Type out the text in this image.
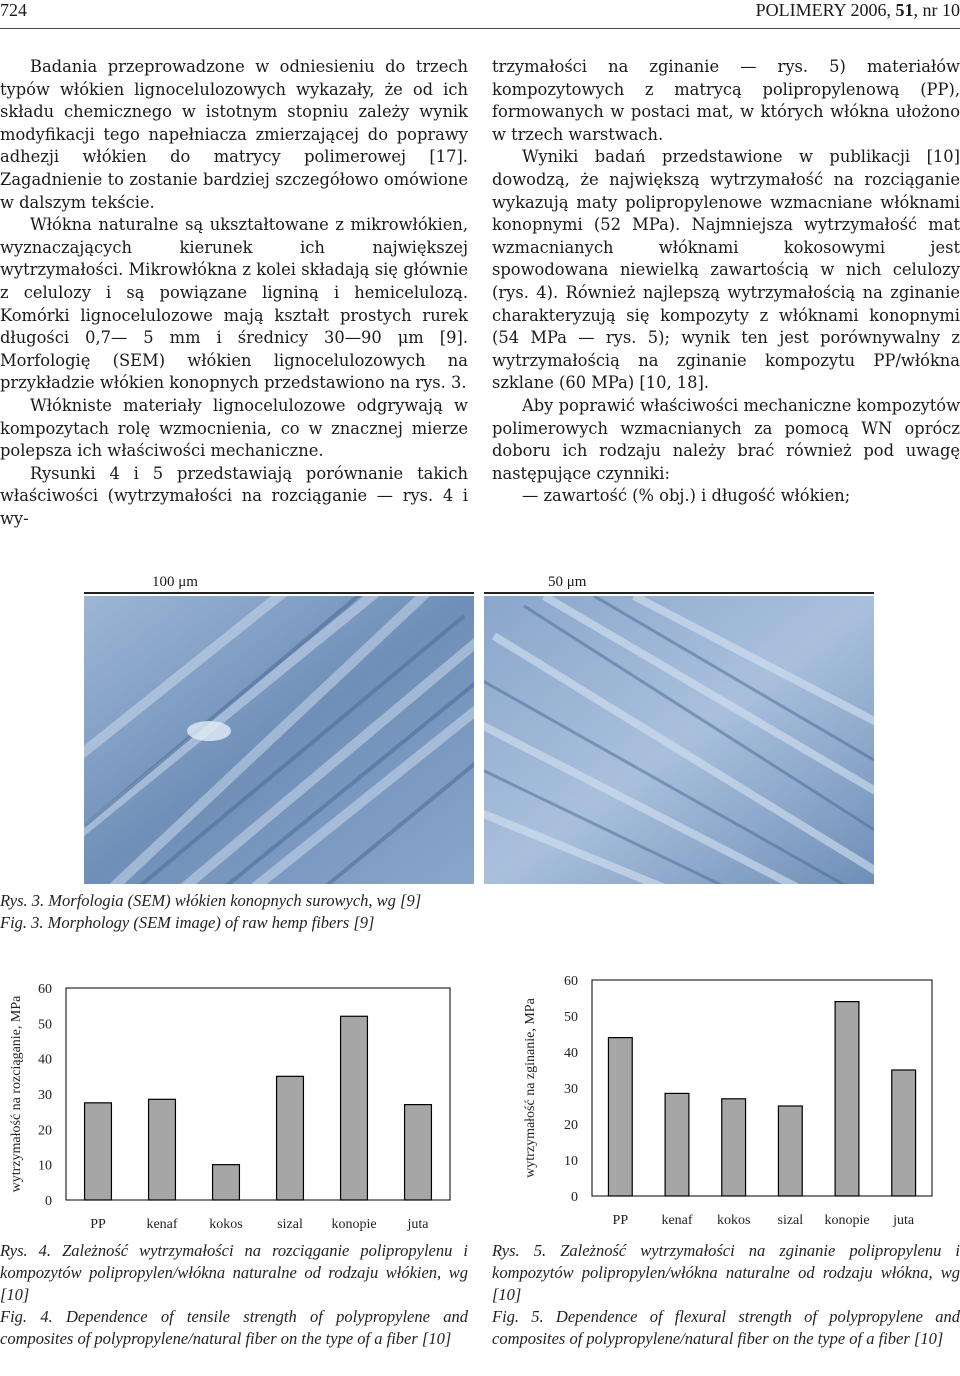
724	POLIMERY 2006, 51, nr 10

Badania przeprowadzone w odniesieniu do trzech typów włókien lignocelulozowych wykazały, że od ich składu chemicznego w istotnym stopniu zależy wynik modyfikacji tego napełniacza zmierzającej do poprawy adhezji włókien do matrycy polimerowej [17]. Zagadnienie to zostanie bardziej szczegółowo omówione w dalszym tekście.

Włókna naturalne są ukształtowane z mikrowłókien, wyznaczających kierunek ich największej wytrzymałości. Mikrowłókna z kolei składają się głównie z celulozy i są powiązane ligniną i hemicelulozą. Komórki lignocelulozowe mają kształt prostych rurek długości 0,7— 5 mm i średnicy 30—90 μm [9]. Morfologię (SEM) włókien lignocelulozowych na przykładzie włókien konopnych przedstawiono na rys. 3.

Włókniste materiały lignocelulozowe odgrywają w kompozytach rolę wzmocnienia, co w znacznej mierze polepsza ich właściwości mechaniczne.

Rysunki 4 i 5 przedstawiają porównanie takich właściwości (wytrzymałości na rozciąganie — rys. 4 i wy-

trzymałości na zginanie — rys. 5) materiałów kompozytowych z matrycą polipropylenową (PP), formowanych w postaci mat, w których włókna ułożono w trzech warstwach.

Wyniki badań przedstawione w publikacji [10] dowodzą, że największą wytrzymałość na rozciąganie wykazują maty polipropylenowe wzmacniane włóknami konopnymi (52 MPa). Najmniejsza wytrzymałość mat wzmacnianych włóknami kokosowymi jest spowodowana niewielką zawartością w nich celulozy (rys. 4). Również najlepszą wytrzymałością na zginanie charakteryzują się kompozyty z włóknami konopnymi (54 MPa — rys. 5); wynik ten jest porównywalny z wytrzymałością na zginanie kompozytu PP/włókna szklane (60 MPa) [10, 18].

Aby poprawić właściwości mechaniczne kompozytów polimerowych wzmacnianych za pomocą WN oprócz doboru ich rodzaju należy brać również pod uwagę następujące czynniki:

— zawartość (% obj.) i długość włókien;

100 μm	50 μm
Rys. 3. Morfologia (SEM) włókien konopnych surowych, wg [9]
Fig. 3. Morphology (SEM image) of raw hemp fibers [9]
0
10
20
30
40
50
60
wytrzymałość na rozciąganie, MPa
PP	kenaf kokos sizal konopie juta
0
10
20
30
40
50
60
wytrzymałość na zginanie, MPa
PP kenaf kokos sizal konopie juta
Rys. 4. Zależność wytrzymałości na rozciąganie polipropylenu i kompozytów polipropylen/włókna naturalne od rodzaju włókien, wg [10]
Fig. 4. Dependence of tensile strength of polypropylene and composites of polypropylene/natural fiber on the type of a fiber [10]
Rys. 5. Zależność wytrzymałości na zginanie polipropylenu i kompozytów polipropylen/włókna naturalne od rodzaju włókna, wg [10]
Fig. 5. Dependence of flexural strength of polypropylene and composites of polypropylene/natural fiber on the type of a fiber [10]
